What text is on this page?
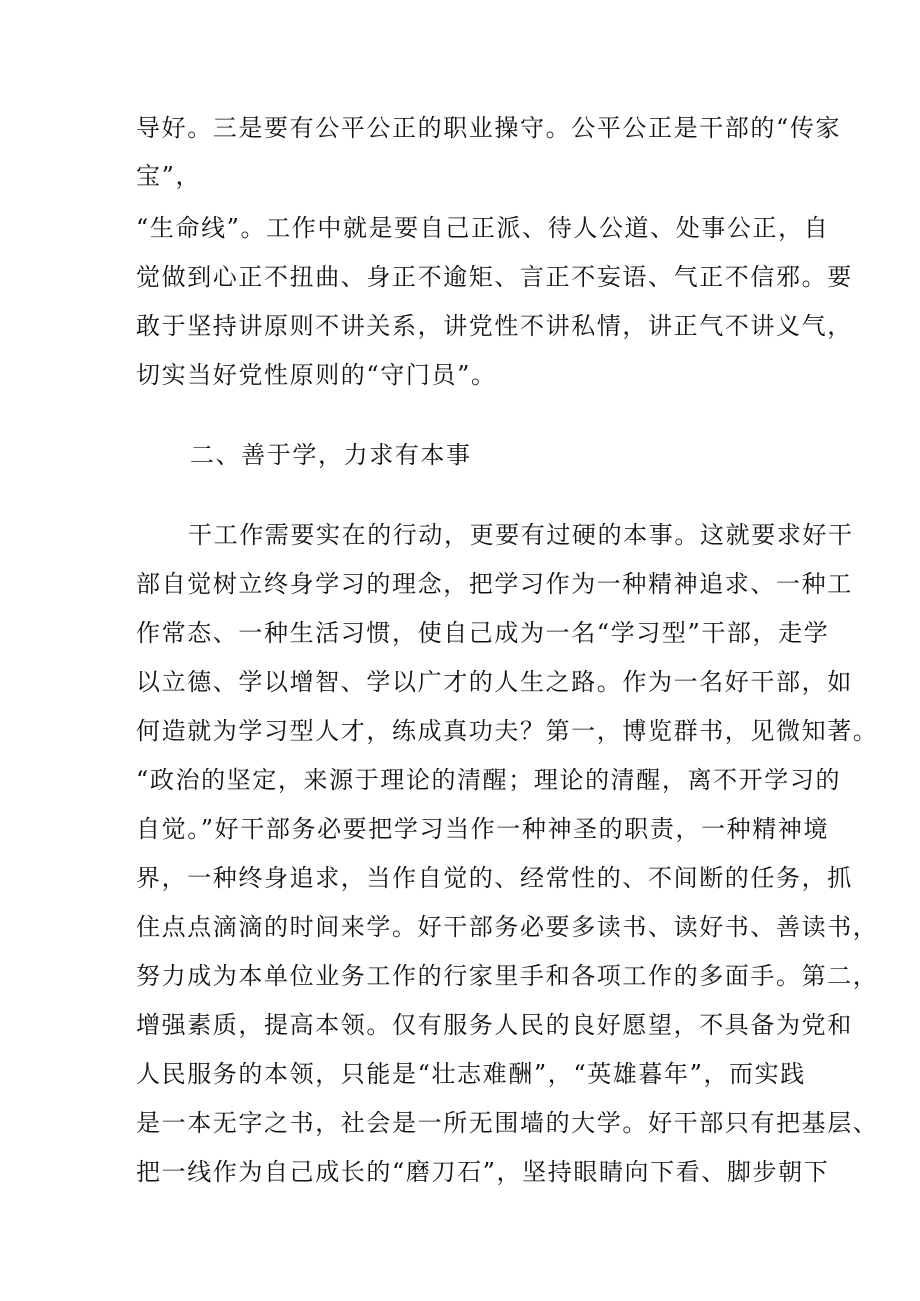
导好。三是要有公平公正的职业操守。公平公正是干部的“传家
宝”，
“生命线”。工作中就是要自己正派、待人公道、处事公正，自
觉做到心正不扭曲、身正不逾矩、言正不妄语、气正不信邪。要
敢于坚持讲原则不讲关系，讲党性不讲私情，讲正气不讲义气，
切实当好党性原则的“守门员”。
二、善于学，力求有本事
干工作需要实在的行动，更要有过硬的本事。这就要求好干
部自觉树立终身学习的理念，把学习作为一种精神追求、一种工
作常态、一种生活习惯，使自己成为一名“学习型”干部，走学
以立德、学以增智、学以广才的人生之路。作为一名好干部，如
何造就为学习型人才，练成真功夫？第一，博览群书，见微知著。
“政治的坚定，来源于理论的清醒；理论的清醒，离不开学习的
自觉。”好干部务必要把学习当作一种神圣的职责，一种精神境
界，一种终身追求，当作自觉的、经常性的、不间断的任务，抓
住点点滴滴的时间来学。好干部务必要多读书、读好书、善读书，
努力成为本单位业务工作的行家里手和各项工作的多面手。第二，
增强素质，提高本领。仅有服务人民的良好愿望，不具备为党和
人民服务的本领，只能是“壮志难酬”，“英雄暮年”，而实践
是一本无字之书，社会是一所无围墙的大学。好干部只有把基层、
把一线作为自己成长的“磨刀石”，坚持眼睛向下看、脚步朝下
